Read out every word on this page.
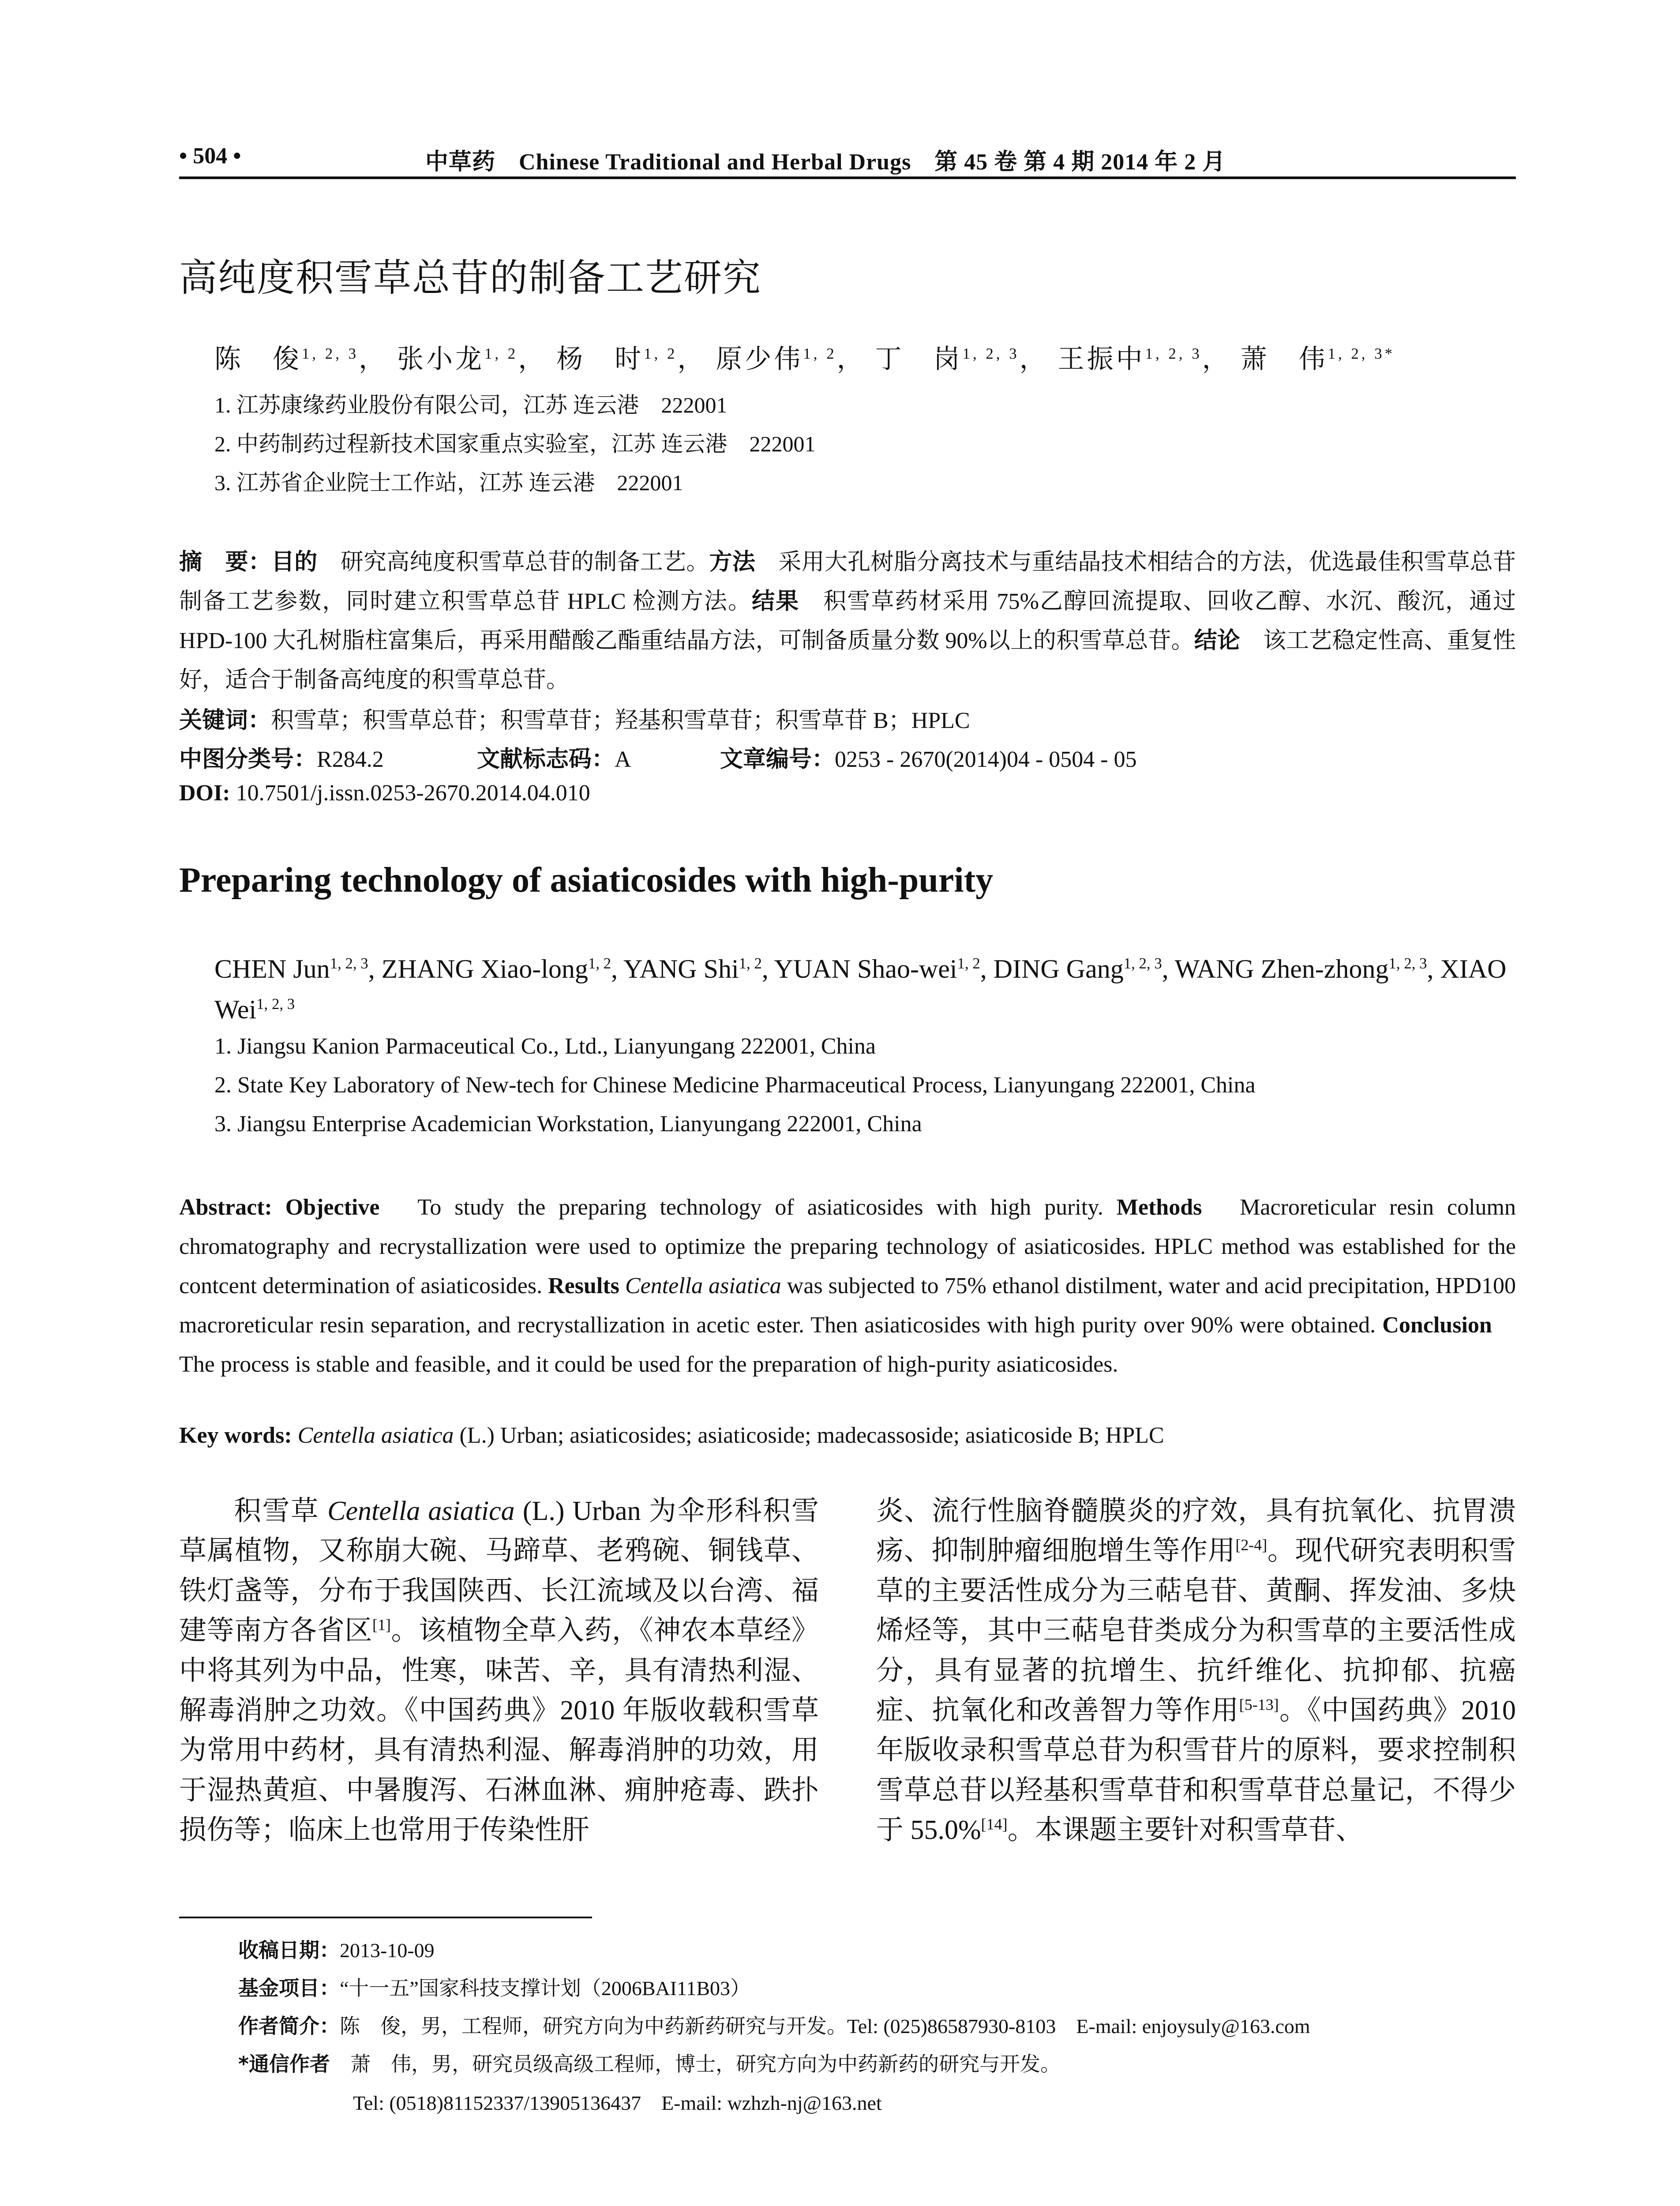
• 504 •	中草药　Chinese Traditional and Herbal Drugs　第 45 卷 第 4 期 2014 年 2 月
高纯度积雪草总苷的制备工艺研究
陈　俊$^{1, 2, 3}$， 张小龙$^{1, 2}$， 杨　时$^{1, 2}$， 原少伟$^{1, 2}$， 丁　岗$^{1, 2, 3}$， 王振中$^{1, 2, 3}$， 萧　伟$^{1, 2, 3*}$
1. 江苏康缘药业股份有限公司，江苏 连云港　222001
2. 中药制药过程新技术国家重点实验室，江苏 连云港　222001
3. 江苏省企业院士工作站，江苏 连云港　222001
摘　要：目的　研究高纯度积雪草总苷的制备工艺。方法　采用大孔树脂分离技术与重结晶技术相结合的方法，优选最佳积雪草总苷制备工艺参数，同时建立积雪草总苷 HPLC 检测方法。结果　积雪草药材采用 75%乙醇回流提取、回收乙醇、水沉、酸沉，通过 HPD-100 大孔树脂柱富集后，再采用醋酸乙酯重结晶方法，可制备质量分数 90%以上的积雪草总苷。结论　该工艺稳定性高、重复性好，适合于制备高纯度的积雪草总苷。
关键词：积雪草；积雪草总苷；积雪草苷；羟基积雪草苷；积雪草苷 B；HPLC
中图分类号：R284.2	文献标志码：A	文章编号：0253 - 2670(2014)04 - 0504 - 05
DOI: 10.7501/j.issn.0253-2670.2014.04.010
Preparing technology of asiaticosides with high-purity
CHEN Jun$^{1, 2, 3}$, ZHANG Xiao-long$^{1, 2}$, YANG Shi$^{1, 2}$, YUAN Shao-wei$^{1, 2}$, DING Gang$^{1, 2, 3}$, WANG Zhen-zhong$^{1, 2, 3}$, XIAO Wei$^{1, 2, 3}$
1. Jiangsu Kanion Parmaceutical Co., Ltd., Lianyungang 222001, China
2. State Key Laboratory of New-tech for Chinese Medicine Pharmaceutical Process, Lianyungang 222001, China
3. Jiangsu Enterprise Academician Workstation, Lianyungang 222001, China
Abstract: Objective　To study the preparing technology of asiaticosides with high purity. Methods　Macroreticular resin column chromatography and recrystallization were used to optimize the preparing technology of asiaticosides. HPLC method was established for the contcent determination of asiaticosides. Results Centella asiatica was subjected to 75% ethanol distilment, water and acid precipitation, HPD100 macroreticular resin separation, and recrystallization in acetic ester. Then asiaticosides with high purity over 90% were obtained. Conclusion　The process is stable and feasible, and it could be used for the preparation of high-purity asiaticosides.
Key words: Centella asiatica (L.) Urban; asiaticosides; asiaticoside; madecassoside; asiaticoside B; HPLC
积雪草 Centella asiatica (L.) Urban 为伞形科积雪草属植物，又称崩大碗、马蹄草、老鸦碗、铜钱草、铁灯盏等，分布于我国陕西、长江流域及以台湾、福建等南方各省区[1]。该植物全草入药，《神农本草经》中将其列为中品，性寒，味苦、辛，具有清热利湿、解毒消肿之功效。《中国药典》2010 年版收载积雪草为常用中药材，具有清热利湿、解毒消肿的功效，用于湿热黄疸、中暑腹泻、石淋血淋、痈肿疮毒、跌扑损伤等；临床上也常用于传染性肝
炎、流行性脑脊髓膜炎的疗效，具有抗氧化、抗胃溃疡、抑制肿瘤细胞增生等作用[2-4]。现代研究表明积雪草的主要活性成分为三萜皂苷、黄酮、挥发油、多炔烯烃等，其中三萜皂苷类成分为积雪草的主要活性成分，具有显著的抗增生、抗纤维化、抗抑郁、抗癌症、抗氧化和改善智力等作用[5-13]。《中国药典》2010 年版收录积雪草总苷为积雪苷片的原料，要求控制积雪草总苷以羟基积雪草苷和积雪草苷总量记，不得少于 55.0%[14]。本课题主要针对积雪草苷、
收稿日期：2013-10-09
基金项目：“十一五”国家科技支撑计划（2006BAI11B03）
作者简介：陈　俊，男，工程师，研究方向为中药新药研究与开发。Tel: (025)86587930-8103　E-mail: enjoysuly@163.com
*通信作者　萧　伟，男，研究员级高级工程师，博士，研究方向为中药新药的研究与开发。
Tel: (0518)81152337/13905136437　E-mail: wzhzh-nj@163.net
